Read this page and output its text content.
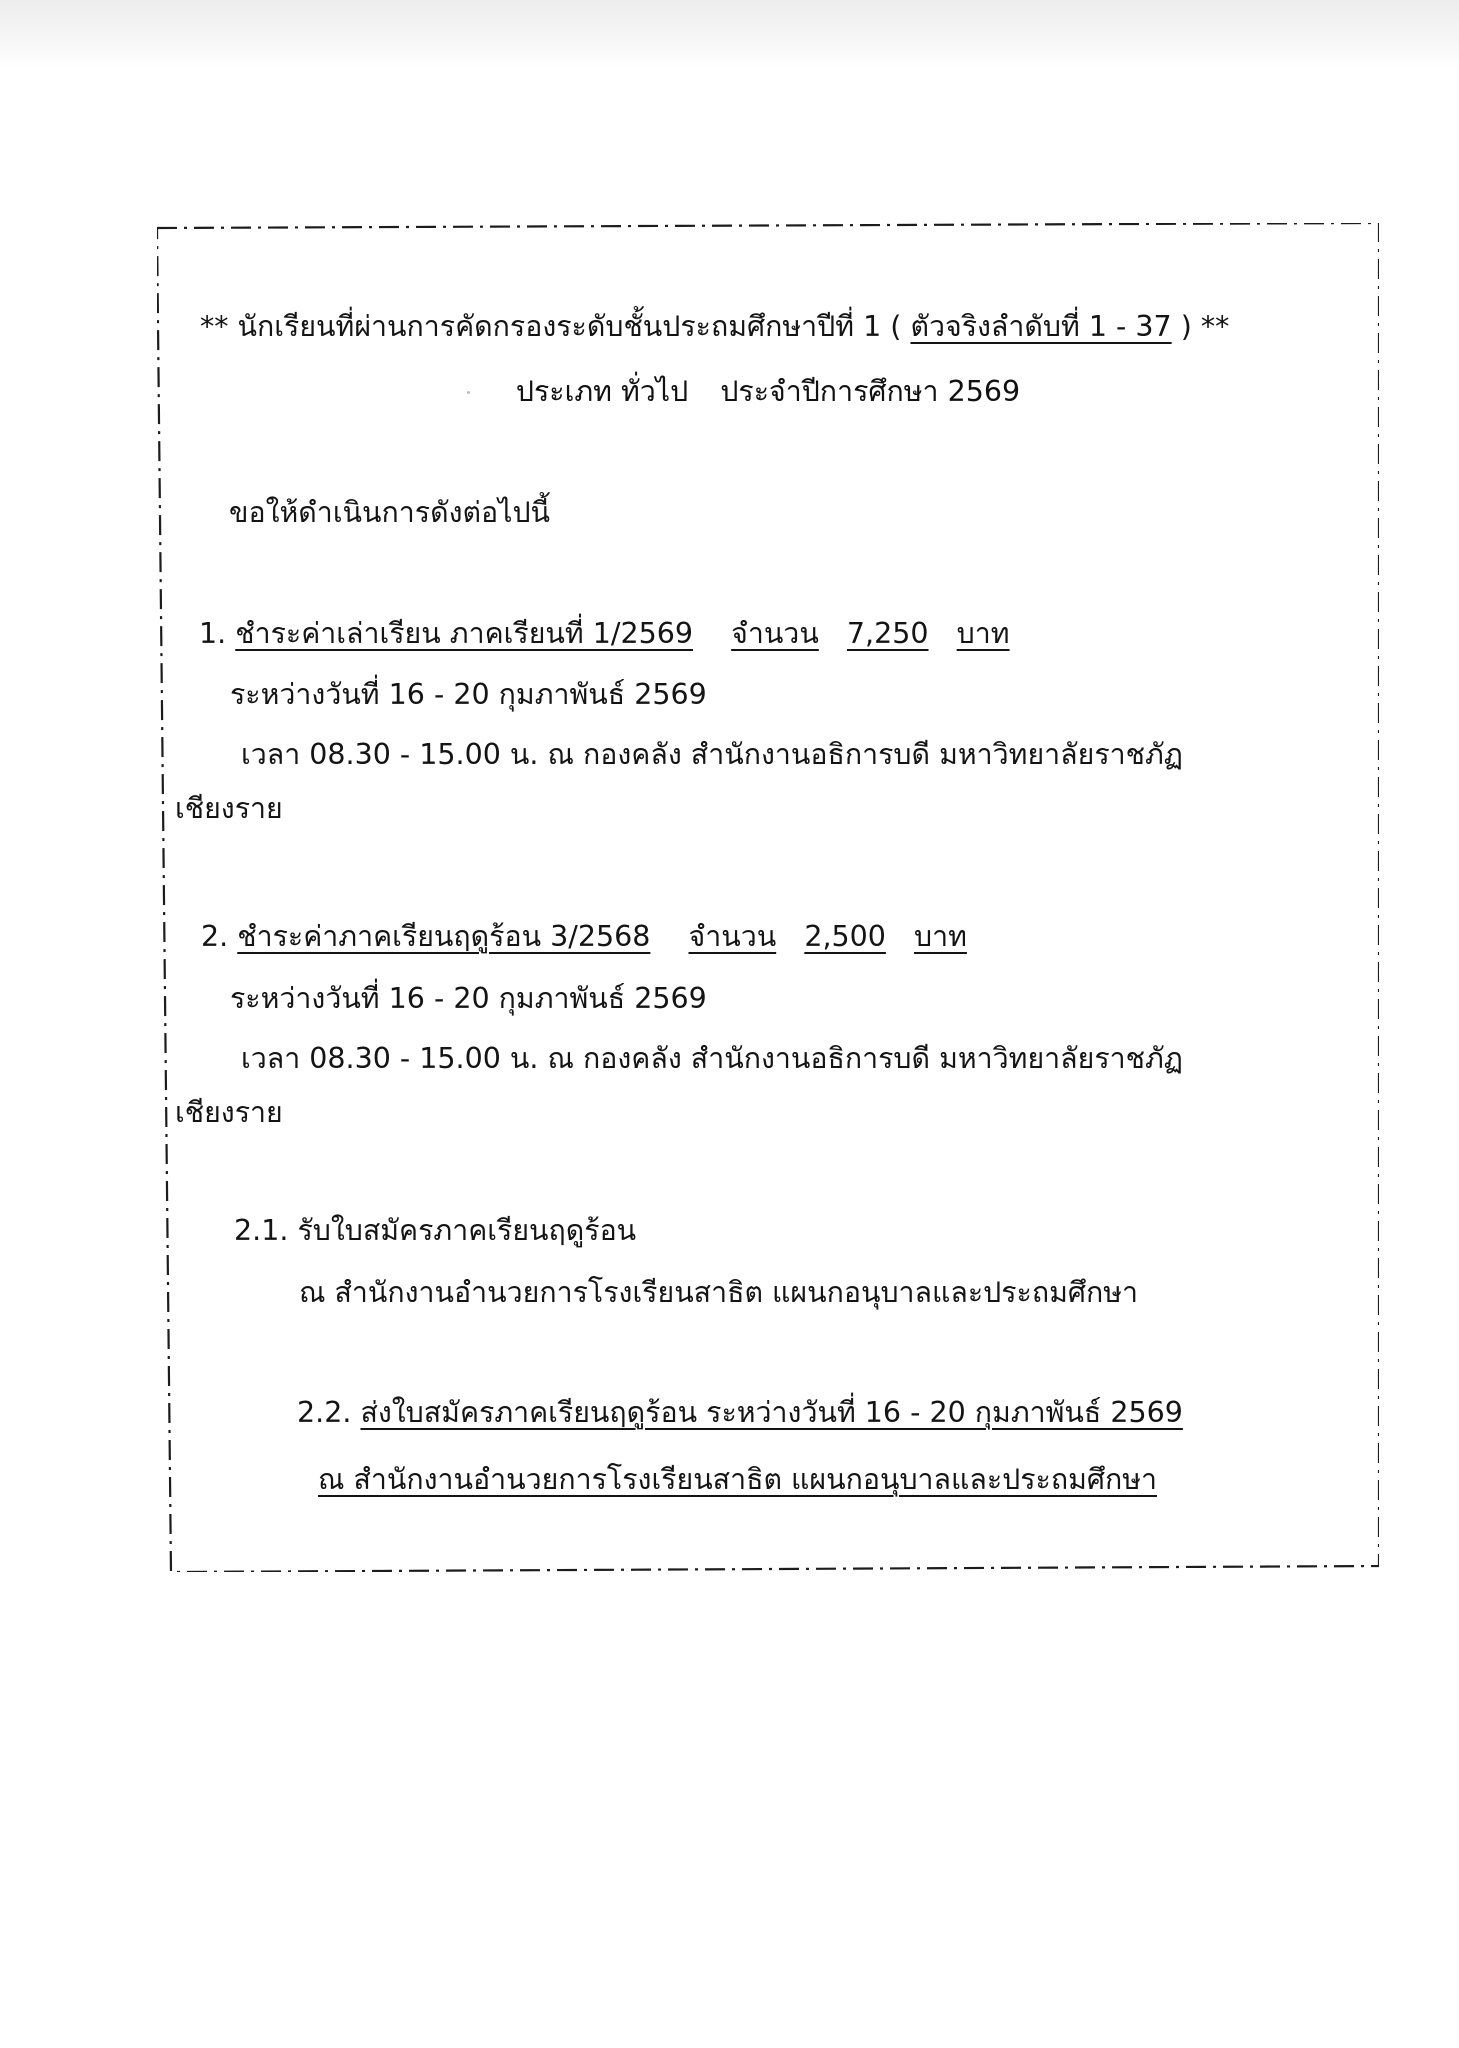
** นักเรียนที่ผ่านการคัดกรองระดับชั้นประถมศึกษาปีที่ 1 ( ตัวจริงลำดับที่ 1 - 37 ) **
ประเภท ทั่วไป ประจำปีการศึกษา 2569
ขอให้ดำเนินการดังต่อไปนี้
1. ชำระค่าเล่าเรียน ภาคเรียนที่ 1/2569 จำนวน 7,250 บาท
ระหว่างวันที่ 16 - 20 กุมภาพันธ์ 2569
เวลา 08.30 - 15.00 น. ณ กองคลัง สำนักงานอธิการบดี มหาวิทยาลัยราชภัฏ
เชียงราย
2. ชำระค่าภาคเรียนฤดูร้อน 3/2568 จำนวน 2,500 บาท
ระหว่างวันที่ 16 - 20 กุมภาพันธ์ 2569
เวลา 08.30 - 15.00 น. ณ กองคลัง สำนักงานอธิการบดี มหาวิทยาลัยราชภัฏ
เชียงราย
2.1. รับใบสมัครภาคเรียนฤดูร้อน
ณ สำนักงานอำนวยการโรงเรียนสาธิต แผนกอนุบาลและประถมศึกษา
2.2. ส่งใบสมัครภาคเรียนฤดูร้อน ระหว่างวันที่ 16 - 20 กุมภาพันธ์ 2569
ณ สำนักงานอำนวยการโรงเรียนสาธิต แผนกอนุบาลและประถมศึกษา
